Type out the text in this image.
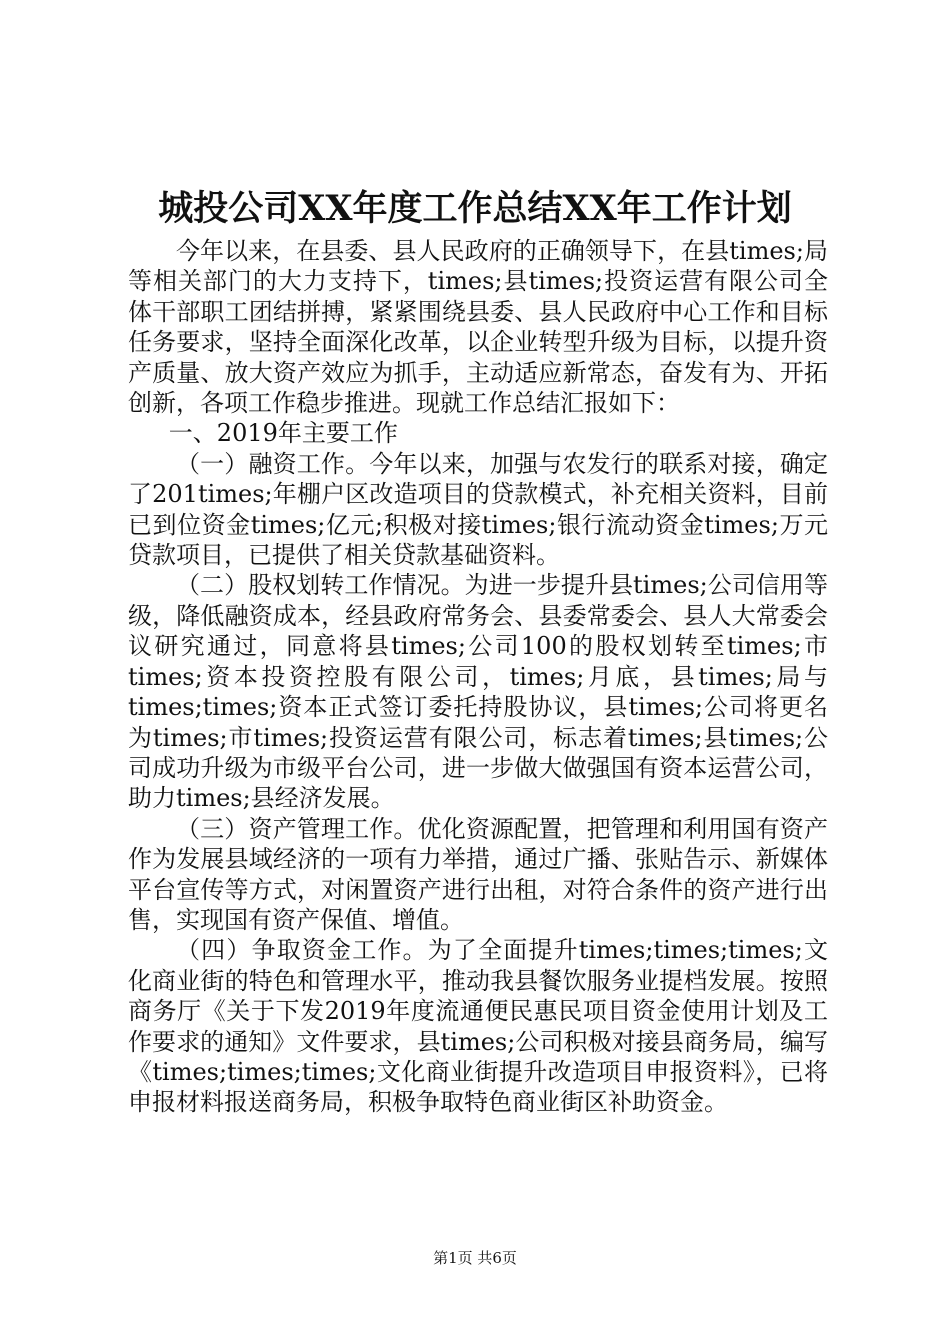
城投公司XX年度工作总结XX年工作计划

今年以来，在县委、县人民政府的正确领导下，在县times;局等相关部门的大力支持下，times;县times;投资运营有限公司全体干部职工团结拼搏，紧紧围绕县委、县人民政府中心工作和目标任务要求，坚持全面深化改革，以企业转型升级为目标，以提升资产质量、放大资产效应为抓手，主动适应新常态，奋发有为、开拓创新，各项工作稳步推进。现就工作总结汇报如下：

一、2019年主要工作

（一）融资工作。今年以来，加强与农发行的联系对接，确定了201times;年棚户区改造项目的贷款模式，补充相关资料，目前已到位资金times;亿元;积极对接times;银行流动资金times;万元贷款项目，已提供了相关贷款基础资料。

（二）股权划转工作情况。为进一步提升县times;公司信用等级，降低融资成本，经县政府常务会、县委常委会、县人大常委会议研究通过，同意将县times;公司100的股权划转至times;市times;资本投资控股有限公司，times;月底，县times;局与times;times;资本正式签订委托持股协议，县times;公司将更名为times;市times;投资运营有限公司，标志着times;县times;公司成功升级为市级平台公司，进一步做大做强国有资本运营公司，助力times;县经济发展。

（三）资产管理工作。优化资源配置，把管理和利用国有资产作为发展县域经济的一项有力举措，通过广播、张贴告示、新媒体平台宣传等方式，对闲置资产进行出租，对符合条件的资产进行出售，实现国有资产保值、增值。

（四）争取资金工作。为了全面提升times;times;times;文化商业街的特色和管理水平，推动我县餐饮服务业提档发展。按照商务厅《关于下发2019年度流通便民惠民项目资金使用计划及工作要求的通知》文件要求，县times;公司积极对接县商务局，编写《times;times;times;文化商业街提升改造项目申报资料》，已将申报材料报送商务局，积极争取特色商业街区补助资金。

第1页 共6页
